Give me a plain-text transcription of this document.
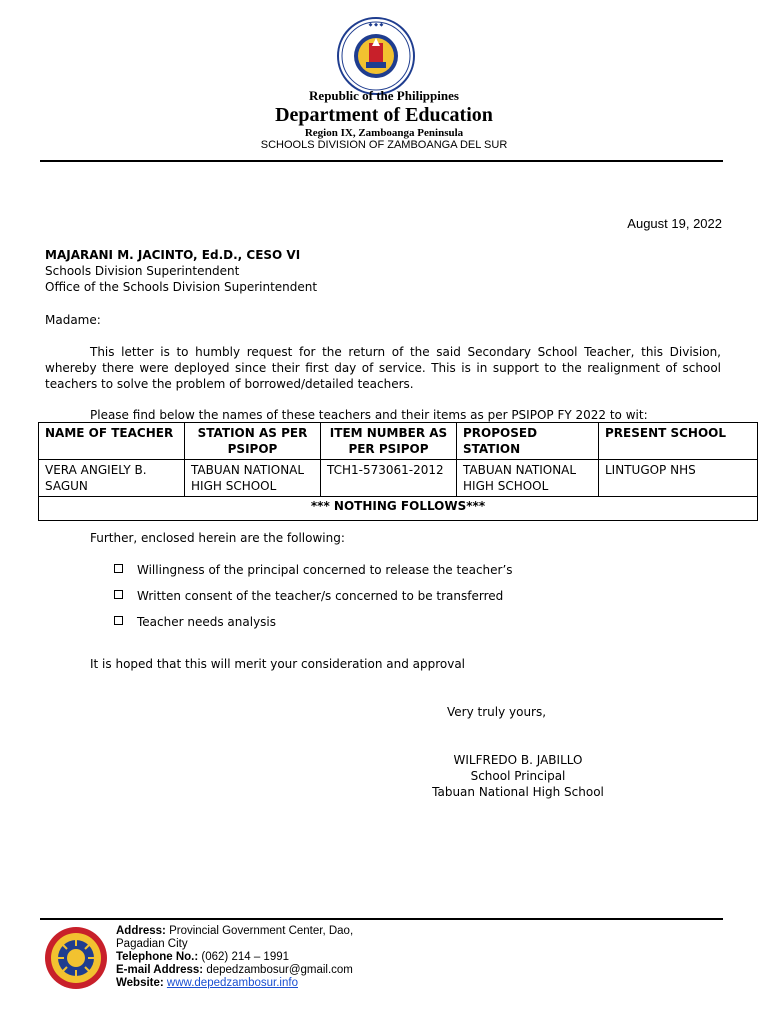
◆ ◆ ◆
Republic of the Philippines
Department of Education
Region IX, Zamboanga Peninsula
SCHOOLS DIVISION OF ZAMBOANGA DEL SUR
August 19, 2022
MAJARANI M. JACINTO, Ed.D., CESO VI
Schools Division Superintendent
Office of the Schools Division Superintendent
Madame:
This letter is to humbly request for the return of the said Secondary School Teacher, this Division, whereby there were deployed since their first day of service. This is in support to the realignment of school teachers to solve the problem of borrowed/detailed teachers.
Please find below the names of these teachers and their items as per PSIPOP FY 2022 to wit:
NAME OF TEACHER	STATION AS PER PSIPOP	ITEM NUMBER AS PER PSIPOP	PROPOSED STATION	PRESENT SCHOOL
VERA ANGIELY B. SAGUN	TABUAN NATIONAL HIGH SCHOOL	TCH1-573061-2012	TABUAN NATIONAL HIGH SCHOOL	LINTUGOP NHS
*** NOTHING FOLLOWS***				
Further, enclosed herein are the following:
Willingness of the principal concerned to release the teacher’s
Written consent of the teacher/s concerned to be transferred
Teacher needs analysis
It is hoped that this will merit your consideration and approval
Very truly yours,
WILFREDO B. JABILLO
School Principal
Tabuan National High School
Address: Provincial Government Center, Dao,
Pagadian City
Telephone No.: (062) 214 – 1991
E-mail Address: depedzambosur@gmail.com
Website: www.depedzambosur.info
